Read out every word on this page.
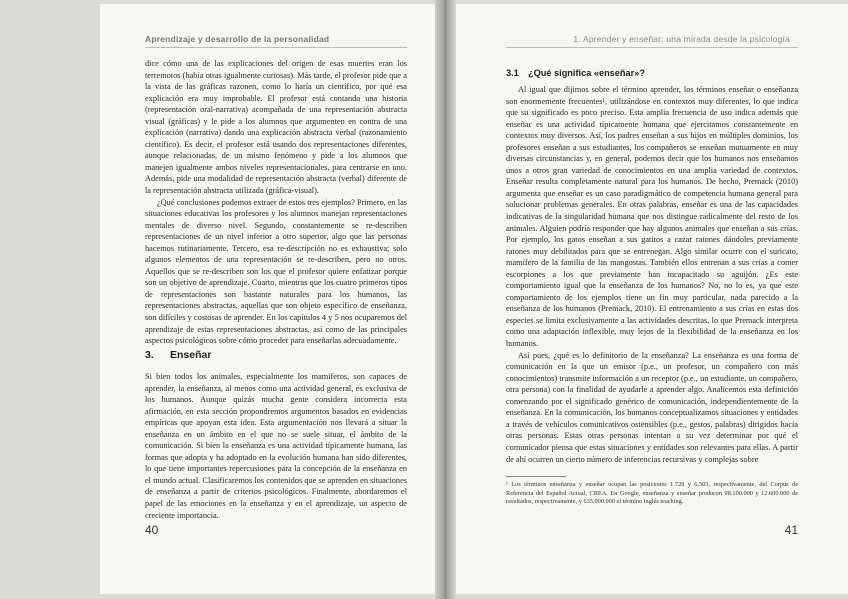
Aprendizaje y desarrollo de la personalidad

dice cómo una de las explicaciones del origen de esas muertes eran los terremotos (había otras igualmente curiosas). Más tarde, el profesor pide que a la vista de las gráficas razonen, como lo haría un científico, por qué esa explicación era muy improbable. El profesor está contando una historia (representación oral-narrativa) acompañada de una representación abstracta visual (gráficas) y le pide a los alumnos que argumenten en contra de una explicación (narrativa) dando una explicación abstracta verbal (razonamiento científico). Es decir, el profesor está usando dos representaciones diferentes, aunque relacionadas, de un mismo fenómeno y pide a los alumnos que manejen igualmente ambos niveles representacionales, para centrarse en uno. Además, pide una modalidad de representación abstracta (verbal) diferente de la representación abstracta utilizada (gráfica-visual).

¿Qué conclusiones podemos extraer de estos tres ejemplos? Primero, en las situaciones educativas los profesores y los alumnos manejan representaciones mentales de diverso nivel. Segundo, constantemente se re-describen representaciones de un nivel inferior a otro superior, algo que las personas hacemos rutinariamente. Tercero, esa re-descripción no es exhaustiva; solo algunos elementos de una representación se re-describen, pero no otros. Aquellos que se re-describen son los que el profesor quiere enfatizar porque son un objetivo de aprendizaje. Cuarto, mientras que los cuatro primeros tipos de representaciones son bastante naturales para los humanos, las representaciones abstractas, aquellas que son objeto específico de enseñanza, son difíciles y costosas de aprender. En los capítulos 4 y 5 nos ocuparemos del aprendizaje de estas representaciones abstractas, así como de las principales aspectos psicológicos sobre cómo proceder para enseñarlas adecuadamente.

3. Enseñar

Si bien todos los animales, especialmente los mamíferos, son capaces de aprender, la enseñanza, al menos como una actividad general, es exclusiva de los humanos. Aunque quizás mucha gente considera incorrecta esta afirmación, en esta sección propondremos argumentos basados en evidencias empíricas que apoyan esta idea. Esta argumentación nos llevará a situar la enseñanza en un ámbito en el que no se suele situar, el ámbito de la comunicación. Si bien la enseñanza es una actividad típicamente humana, las formas que adopta y ha adoptado en la evolución humana han sido diferentes, lo que tiene importantes repercusiones para la concepción de la enseñanza en el mundo actual. Clasificaremos los contenidos que se aprenden en situaciones de enseñanza a partir de criterios psicológicos. Finalmente, abordaremos el papel de las emociones en la enseñanza y en el aprendizaje, un aspecto de creciente importancia.

40
1. Aprender y enseñar: una mirada desde la psicología
3.1 ¿Qué significa «enseñar»?

Al igual que dijimos sobre el término aprender, los términos enseñar o enseñanza son enormemente frecuentes¹, utilizándose en contextos muy diferentes, lo que indica que su significado es poco preciso. Esta amplia frecuencia de uso indica además que enseñar es una actividad típicamente humana que ejercitamos constantemente en contextos muy diversos. Así, los padres enseñan a sus hijos en múltiples dominios, los profesores enseñan a sus estudiantes, los compañeros se enseñan mutuamente en muy diversas circunstancias y, en general, podemos decir que los humanos nos enseñamos unos a otros gran variedad de conocimientos en una amplia variedad de contextos. Enseñar resulta completamente natural para los humanos. De hecho, Premack (2010) argumenta que enseñar es un caso paradigmático de competencia humana general para solucionar problemas generales. En otras palabras, enseñar es una de las capacidades indicativas de la singularidad humana que nos distingue radicalmente del resto de los animales. Alguien podría responder que hay algunos animales que enseñan a sus crías. Por ejemplo, los gatos enseñan a sus gatitos a cazar ratones dándoles previamente ratones muy debilitados para que se entrenegan. Algo similar ocurre con el suricato, mamífero de la familia de las mangostas. También ellos entrenan a sus crías a comer escorpiones a los que previamente han incapacitado su aguijón. ¿Es este comportamiento igual que la enseñanza de los humanos? No, no lo es, ya que este comportamiento de los ejemplos tiene un fin muy particular, nada parecido a la enseñanza de los humanos (Premack, 2010). El entrenamiento a sus crías en estas dos especies se limita exclusivamente a las actividades descritas, lo que Premack interpreta como una adaptación inflexible, muy lejos de la flexibilidad de la enseñanza en los humanos.

Así pues, ¿qué es lo definitorio de la enseñanza? La enseñanza es una forma de comunicación en la que un emisor (p.e., un profesor, un compañero con más conocimientos) transmite información a un receptor (p.e., un estudiante, un compañero, otra persona) con la finalidad de ayudarle a aprender algo. Analicemos esta definición comenzando por el significado genérico de comunicación, independientemente de la enseñanza. En la comunicación, los humanos conceptualizamos situaciones y entidades a través de vehículos comunicativos ostensibles (p.e., gestos, palabras) dirigidos hacia otras personas. Estas otras personas intentan a su vez determinar por qué el comunicador piensa que estas situaciones y entidades son relevantes para ellas. A partir de ahí ocurren un cierto número de inferencias recursivas y complejas sobre

¹ Los términos enseñanza y enseñar ocupan las posiciones 1.728 y 6.503, respectivamente, del Corpus de Referencia del Español Actual, CREA. En Google, enseñanza y enseñar producen 98.100.000 y 12.600.000 de resultados, respectivamente, y 635.000.000 el término inglés teaching.
41
